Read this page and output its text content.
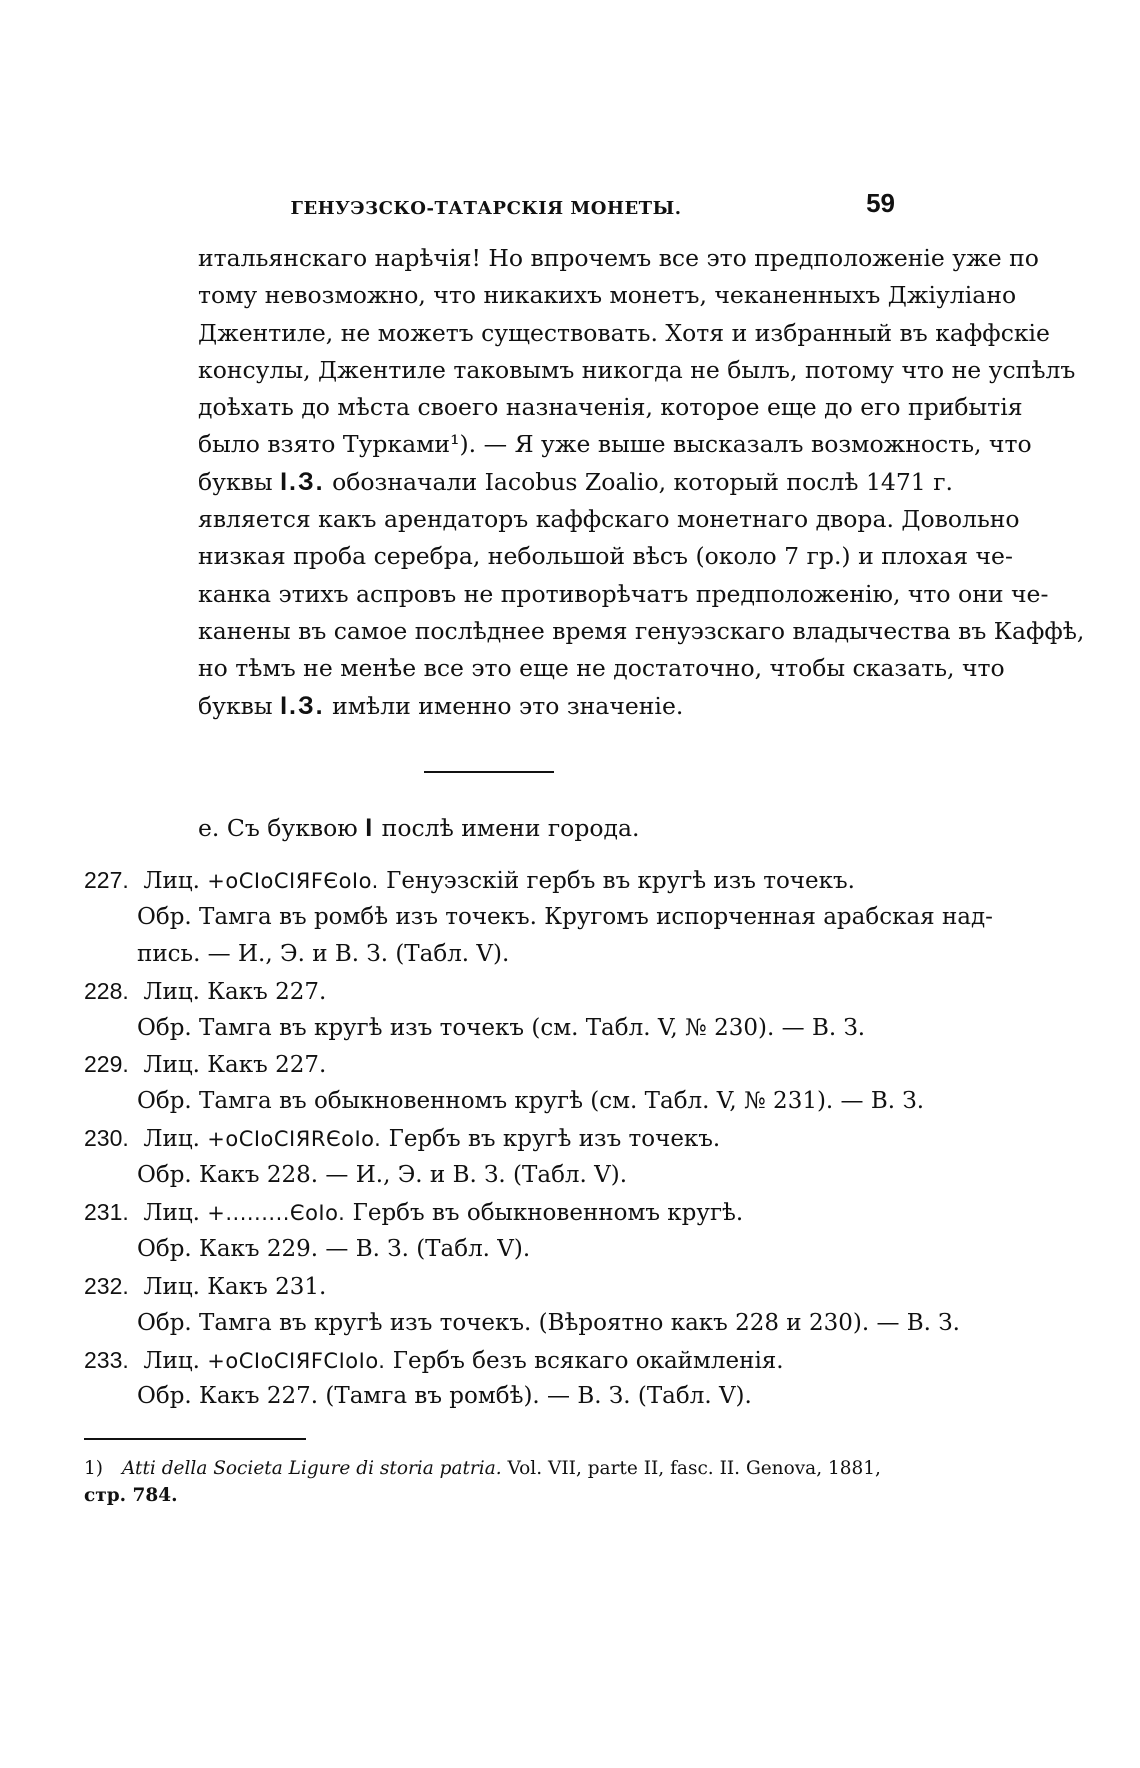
ГЕНУЭЗСКО-ТАТАРСКІЯ МОНЕТЫ.	59
итальянскаго нарѣчія! Но впрочемъ все это предположеніе уже по
тому невозможно, что никакихъ монетъ, чеканенныхъ Джіуліано
Джентиле, не можетъ существовать. Хотя и избранный въ каффскіе
консулы, Джентиле таковымъ никогда не былъ, потому что не успѣлъ
доѣхать до мѣста своего назначенія, которое еще до его прибытія
было взято Турками¹). — Я уже выше высказалъ возможность, что
буквы I.З. обозначали Iacobus Zoalio, который послѣ 1471 г.
является какъ арендаторъ каффскаго монетнаго двора. Довольно
низкая проба серебра, небольшой вѣсъ (около 7 гр.) и плохая че-
канка этихъ аспровъ не противорѣчатъ предположенію, что они че-
канены въ самое послѣднее время генуэзскаго владычества въ Каффѣ,
но тѣмъ не менѣе все это еще не достаточно, чтобы сказать, что
буквы I.З. имѣли именно это значеніе.
е. Съ буквою I послѣ имени города.
227. Лиц. +oCIoCIЯFЄoIo. Генуэзскій гербъ въ кругѣ изъ точекъ.
Обр. Тамга въ ромбѣ изъ точекъ. Кругомъ испорченная арабская над-
пись. — И., Э. и В. З. (Табл. V).
228. Лиц. Какъ 227.
Обр. Тамга въ кругѣ изъ точекъ (см. Табл. V, № 230). — В. З.
229. Лиц. Какъ 227.
Обр. Тамга въ обыкновенномъ кругѣ (см. Табл. V, № 231). — В. З.
230. Лиц. +oCIoCIЯRЄoIo. Гербъ въ кругѣ изъ точекъ.
Обр. Какъ 228. — И., Э. и В. З. (Табл. V).
231. Лиц. +.........ЄoIo. Гербъ въ обыкновенномъ кругѣ.
Обр. Какъ 229. — В. З. (Табл. V).
232. Лиц. Какъ 231.
Обр. Тамга въ кругѣ изъ точекъ. (Вѣроятно какъ 228 и 230). — В. З.
233. Лиц. +oCIoCIЯFCIoIo. Гербъ безъ всякаго окаймленія.
Обр. Какъ 227. (Тамга въ ромбѣ). — В. З. (Табл. V).
1) Atti della Societa Ligure di storia patria. Vol. VII, parte II, fasc. II. Genova, 1881,
стр. 784.
